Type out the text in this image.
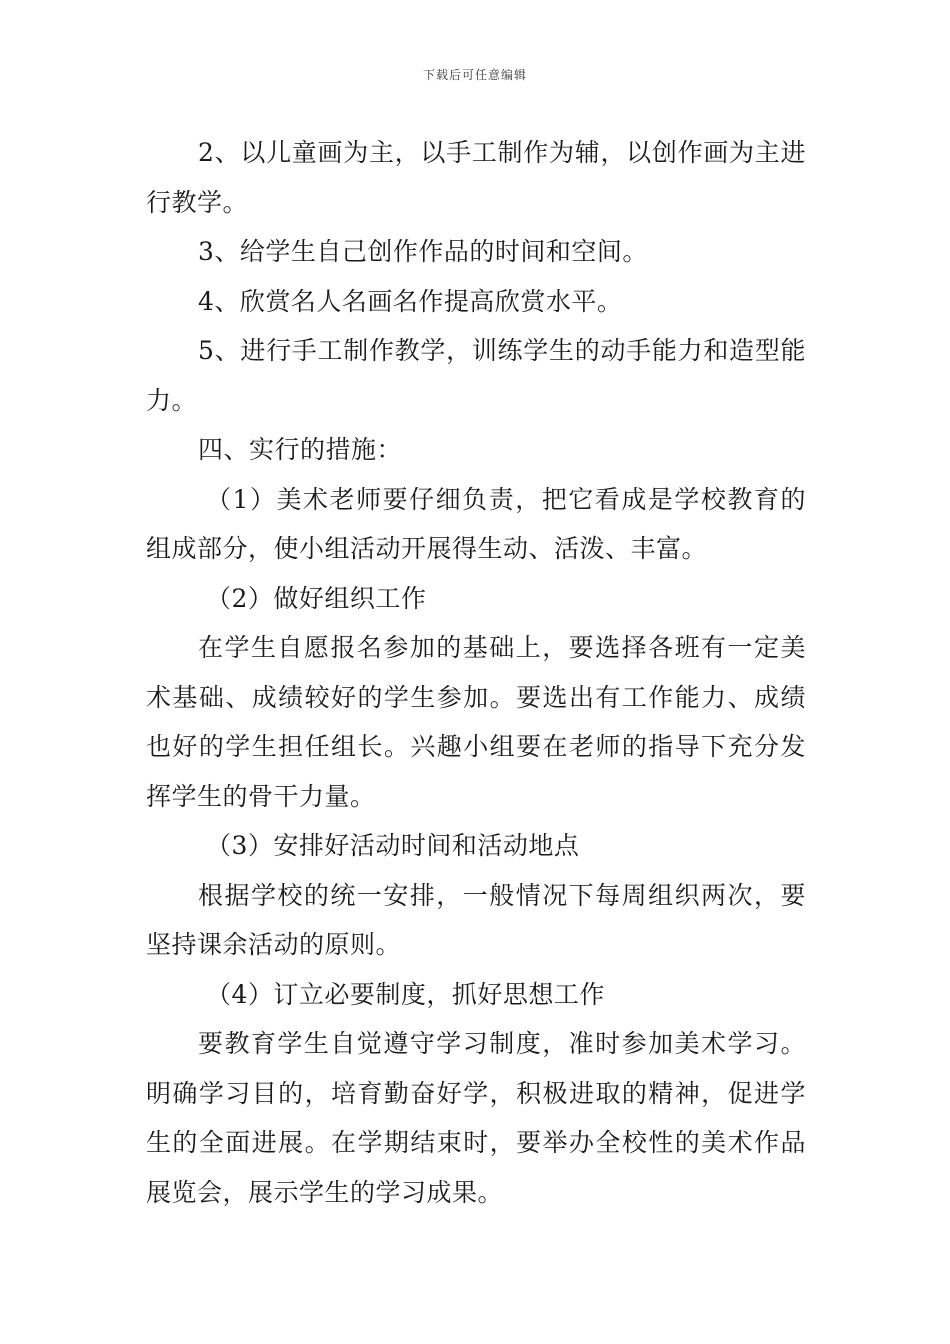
下载后可任意编辑

2、以儿童画为主，以手工制作为辅，以创作画为主进行教学。

3、给学生自己创作作品的时间和空间。

4、欣赏名人名画名作提高欣赏水平。

5、进行手工制作教学，训练学生的动手能力和造型能力。

四、实行的措施：

（1）美术老师要仔细负责，把它看成是学校教育的组成部分，使小组活动开展得生动、活泼、丰富。

（2）做好组织工作

在学生自愿报名参加的基础上，要选择各班有一定美术基础、成绩较好的学生参加。要选出有工作能力、成绩也好的学生担任组长。兴趣小组要在老师的指导下充分发挥学生的骨干力量。

（3）安排好活动时间和活动地点

根据学校的统一安排，一般情况下每周组织两次，要坚持课余活动的原则。

（4）订立必要制度，抓好思想工作

要教育学生自觉遵守学习制度，准时参加美术学习。明确学习目的，培育勤奋好学，积极进取的精神，促进学生的全面进展。在学期结束时，要举办全校性的美术作品展览会，展示学生的学习成果。
